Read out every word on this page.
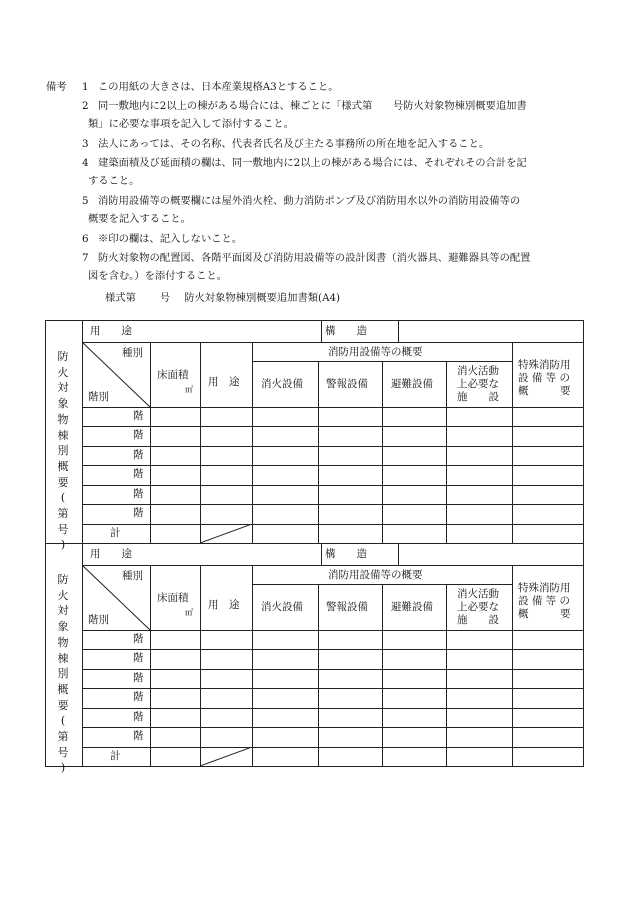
備考 1 この用紙の大きさは、日本産業規格A3とすること。
2 同一敷地内に2以上の棟がある場合には、棟ごとに「様式第　　号防火対象物棟別概要追加書
類」に必要な事項を記入して添付すること。
3 法人にあっては、その名称、代表者氏名及び主たる事務所の所在地を記入すること。
4 建築面積及び延面積の欄は、同一敷地内に2以上の棟がある場合には、それぞれその合計を記
すること。
5 消防用設備等の概要欄には屋外消火栓、動力消防ポンプ及び消防用水以外の消防用設備等の
概要を記入すること。
6 ※印の欄は、記入しないこと。
7 防火対象物の配置図、各階平面図及び消防用設備等の設計図書（消火器具、避難器具等の配置
図を含む。）を添付すること。
様式第 号 防火対象物棟別概要追加書類(A4)
防
火
対
象
物
棟
別
概
要
(
第
号
)
用　　途	構　　造
種別
階別
床面積
㎡
用　途
消防用設備等の概要
消火設備 警報設備 避難設備
消火活動
上必要な
施　　設
特殊消防用
設 備 等 の
概　　　要
計
階
階
階
階
階
階
防
火
対
象
物
棟
別
概
要
(
第
号
)
用　　途	構　　造
種別
階別
床面積
㎡
用　途
消防用設備等の概要
消火設備 警報設備 避難設備
消火活動
上必要な
施　　設
特殊消防用
設 備 等 の
概　　　要
計
階
階
階
階
階
階
